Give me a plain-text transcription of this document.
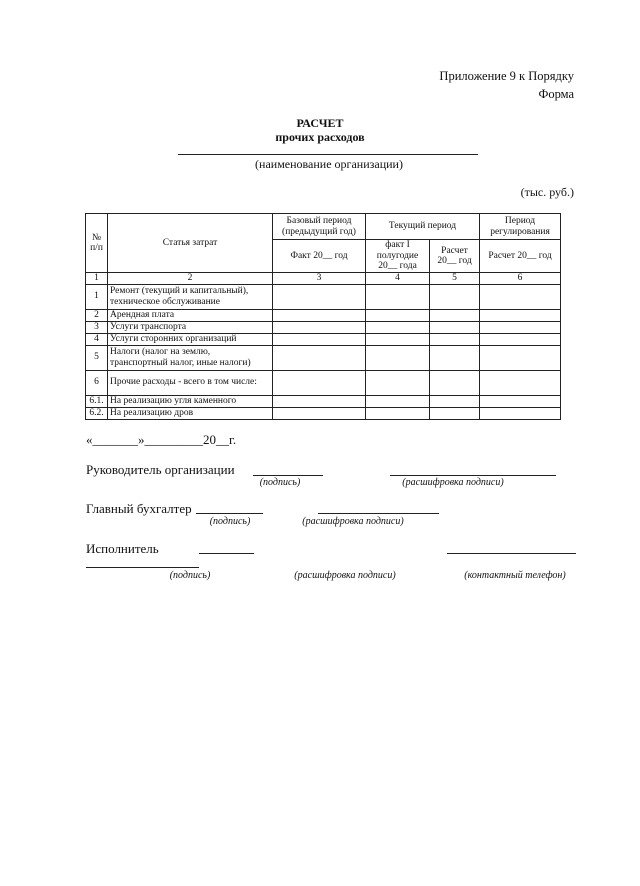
Приложение 9 к Порядку
Форма
РАСЧЕТ
прочих расходов
(наименование организации)
(тыс. руб.)
№ п/п	Статья затрат	Базовый период (предыдущий год)	Текущий период		Период регулирования
		Факт 20__ год	факт I полугодие 20__ года	Расчет 20__ год	Расчет 20__ год
1	2	3	4	5	6
1	Ремонт (текущий и капитальный), техническое обслуживание				
2	Арендная плата				
3	Услуги транспорта				
4	Услуги сторонних организаций				
5	Налоги (налог на землю, транспортный налог, иные налоги)				
6	Прочие расходы - всего в том числе:				
6.1.	На реализацию угля каменного				
6.2.	На реализацию дров				
«_______»_________20__г.
Руководитель организации
(подпись)	(расшифровка подписи)
Главный бухгалтер
(подпись)	(расшифровка подписи)
Исполнитель
(подпись)	(расшифровка подписи)	(контактный телефон)
